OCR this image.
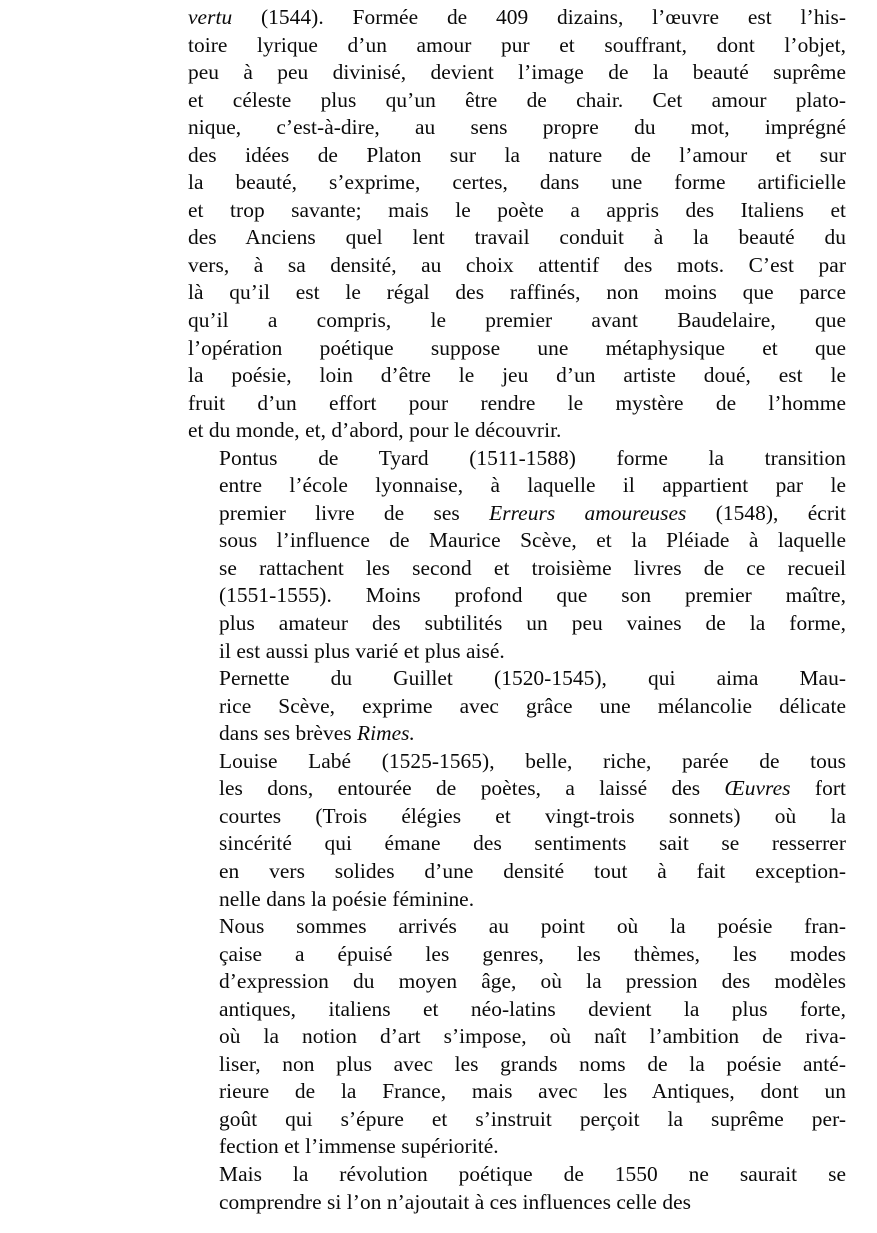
vertu (1544). Formée de 409 dizains, l’œuvre est l’his-
toire lyrique d’un amour pur et souffrant, dont l’objet,
peu à peu divinisé, devient l’image de la beauté suprême
et céleste plus qu’un être de chair. Cet amour plato-
nique, c’est-à-dire, au sens propre du mot, imprégné
des idées de Platon sur la nature de l’amour et sur
la beauté, s’exprime, certes, dans une forme artificielle
et trop savante; mais le poète a appris des Italiens et
des Anciens quel lent travail conduit à la beauté du
vers, à sa densité, au choix attentif des mots. C’est par
là qu’il est le régal des raffinés, non moins que parce
qu’il a compris, le premier avant Baudelaire, que
l’opération poétique suppose une métaphysique et que
la poésie, loin d’être le jeu d’un artiste doué, est le
fruit d’un effort pour rendre le mystère de l’homme
et du monde, et, d’abord, pour le découvrir.

Pontus de Tyard (1511-1588) forme la transition
entre l’école lyonnaise, à laquelle il appartient par le
premier livre de ses Erreurs amoureuses (1548), écrit
sous l’influence de Maurice Scève, et la Pléiade à laquelle
se rattachent les second et troisième livres de ce recueil
(1551-1555). Moins profond que son premier maître,
plus amateur des subtilités un peu vaines de la forme,
il est aussi plus varié et plus aisé.

Pernette du Guillet (1520-1545), qui aima Mau-
rice Scève, exprime avec grâce une mélancolie délicate
dans ses brèves Rimes.

Louise Labé (1525-1565), belle, riche, parée de tous
les dons, entourée de poètes, a laissé des Œuvres fort
courtes (Trois élégies et vingt-trois sonnets) où la
sincérité qui émane des sentiments sait se resserrer
en vers solides d’une densité tout à fait exception-
nelle dans la poésie féminine.

Nous sommes arrivés au point où la poésie fran-
çaise a épuisé les genres, les thèmes, les modes
d’expression du moyen âge, où la pression des modèles
antiques, italiens et néo-latins devient la plus forte,
où la notion d’art s’impose, où naît l’ambition de riva-
liser, non plus avec les grands noms de la poésie anté-
rieure de la France, mais avec les Antiques, dont un
goût qui s’épure et s’instruit perçoit la suprême per-
fection et l’immense supériorité.

Mais la révolution poétique de 1550 ne saurait se
comprendre si l’on n’ajoutait à ces influences celle des
